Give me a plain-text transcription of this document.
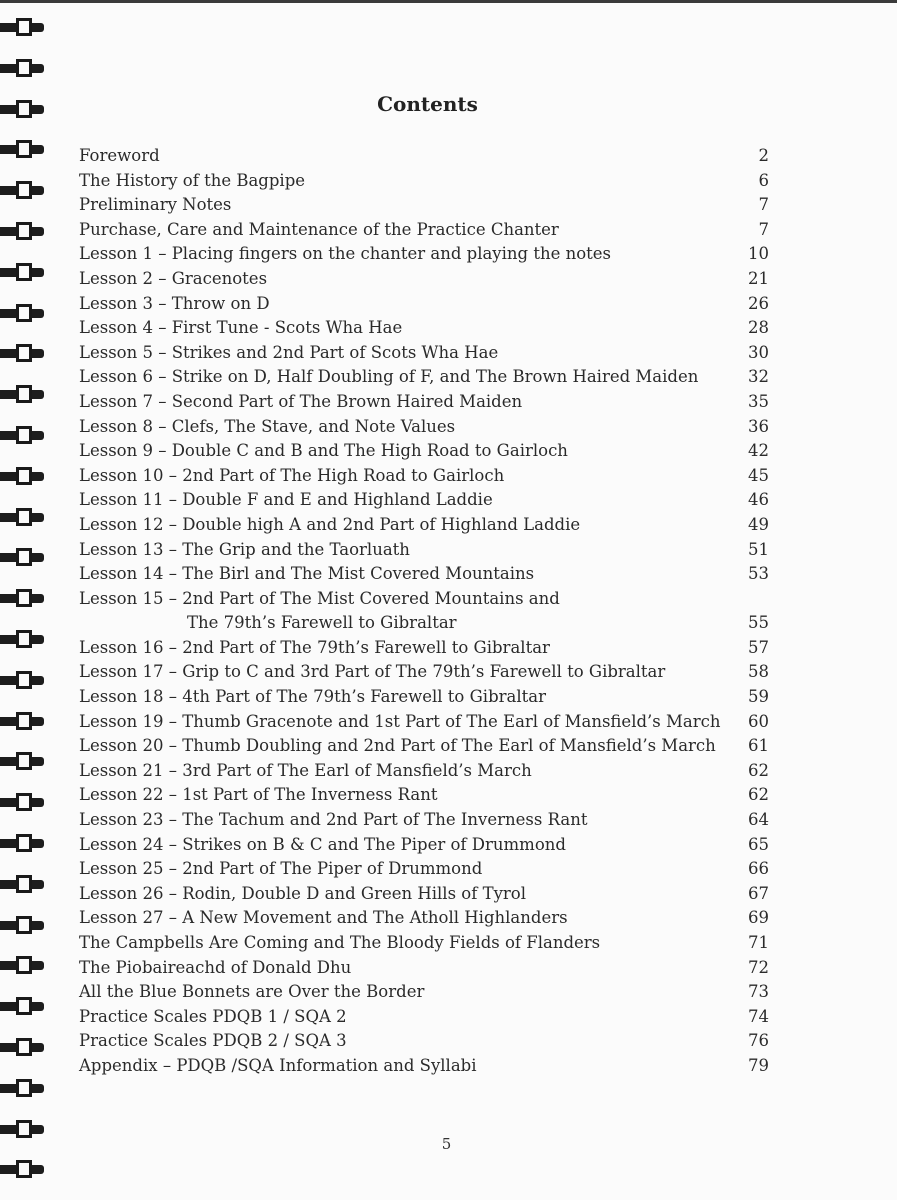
Contents
Foreword	2
The History of the Bagpipe	6
Preliminary Notes	7
Purchase, Care and Maintenance of the Practice Chanter	7
Lesson 1 – Placing fingers on the chanter and playing the notes	10
Lesson 2 – Gracenotes	21
Lesson 3 – Throw on D	26
Lesson 4 – First Tune - Scots Wha Hae	28
Lesson 5 – Strikes and 2nd Part of Scots Wha Hae	30
Lesson 6 – Strike on D, Half Doubling of F, and The Brown Haired Maiden	32
Lesson 7 – Second Part of The Brown Haired Maiden	35
Lesson 8 – Clefs, The Stave, and Note Values	36
Lesson 9 – Double C and B and The High Road to Gairloch	42
Lesson 10 – 2nd Part of The High Road to Gairloch	45
Lesson 11 – Double F and E and Highland Laddie	46
Lesson 12 – Double high A and 2nd Part of Highland Laddie	49
Lesson 13 – The Grip and the Taorluath	51
Lesson 14 – The Birl and The Mist Covered Mountains	53
Lesson 15 – 2nd Part of The Mist Covered Mountains and
The 79th’s Farewell to Gibraltar	55
Lesson 16 – 2nd Part of The 79th’s Farewell to Gibraltar	57
Lesson 17 – Grip to C and 3rd Part of The 79th’s Farewell to Gibraltar	58
Lesson 18 – 4th Part of The 79th’s Farewell to Gibraltar	59
Lesson 19 – Thumb Gracenote and 1st Part of The Earl of Mansfield’s March 60
Lesson 20 – Thumb Doubling and 2nd Part of The Earl of Mansfield’s March 61
Lesson 21 – 3rd Part of The Earl of Mansfield’s March	62
Lesson 22 – 1st Part of The Inverness Rant	62
Lesson 23 – The Tachum and 2nd Part of The Inverness Rant	64
Lesson 24 – Strikes on B & C and The Piper of Drummond	65
Lesson 25 – 2nd Part of The Piper of Drummond	66
Lesson 26 – Rodin, Double D and Green Hills of Tyrol	67
Lesson 27 – A New Movement and The Atholl Highlanders	69
The Campbells Are Coming and The Bloody Fields of Flanders	71
The Piobaireachd of Donald Dhu	72
All the Blue Bonnets are Over the Border	73
Practice Scales PDQB 1 / SQA 2	74
Practice Scales PDQB 2 / SQA 3	76
Appendix – PDQB /SQA Information and Syllabi	79
5
